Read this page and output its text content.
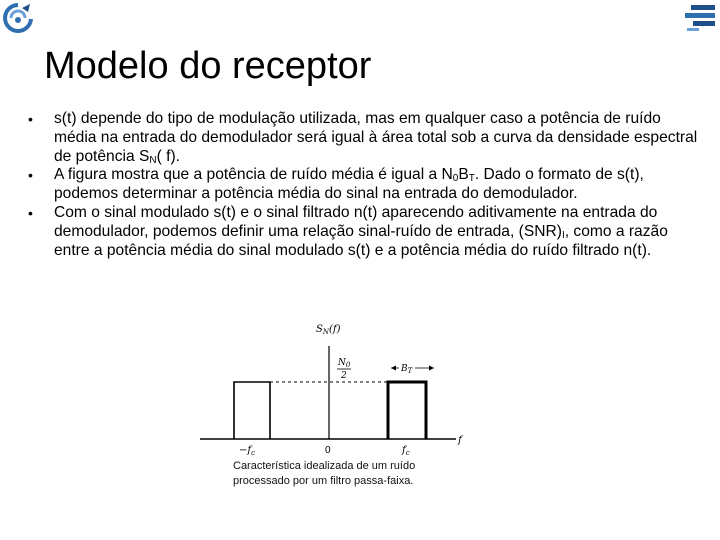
Modelo do receptor
• s(t) depende do tipo de modulação utilizada, mas em qualquer caso a potência de ruído média na entrada do demodulador será igual à área total sob a curva da densidade espectral de potência $S_N$( f).
• A figura mostra que a potência de ruído média é igual a $N_0B_T$. Dado o formato de s(t), podemos determinar a potência média do sinal na entrada do demodulador.
• Com o sinal modulado s(t) e o sinal filtrado n(t) aparecendo aditivamente na entrada do demodulador, podemos definir uma relação sinal-ruído de entrada, $(SNR)_I$, como a razão entre a potência média do sinal modulado s(t) e a potência média do ruído filtrado n(t).
$S_N(f)$
$N_0$
2
$B_T$
f
$-f_c$	0	$f_c$
Característica idealizada de um ruído processado por um filtro passa-faixa.
